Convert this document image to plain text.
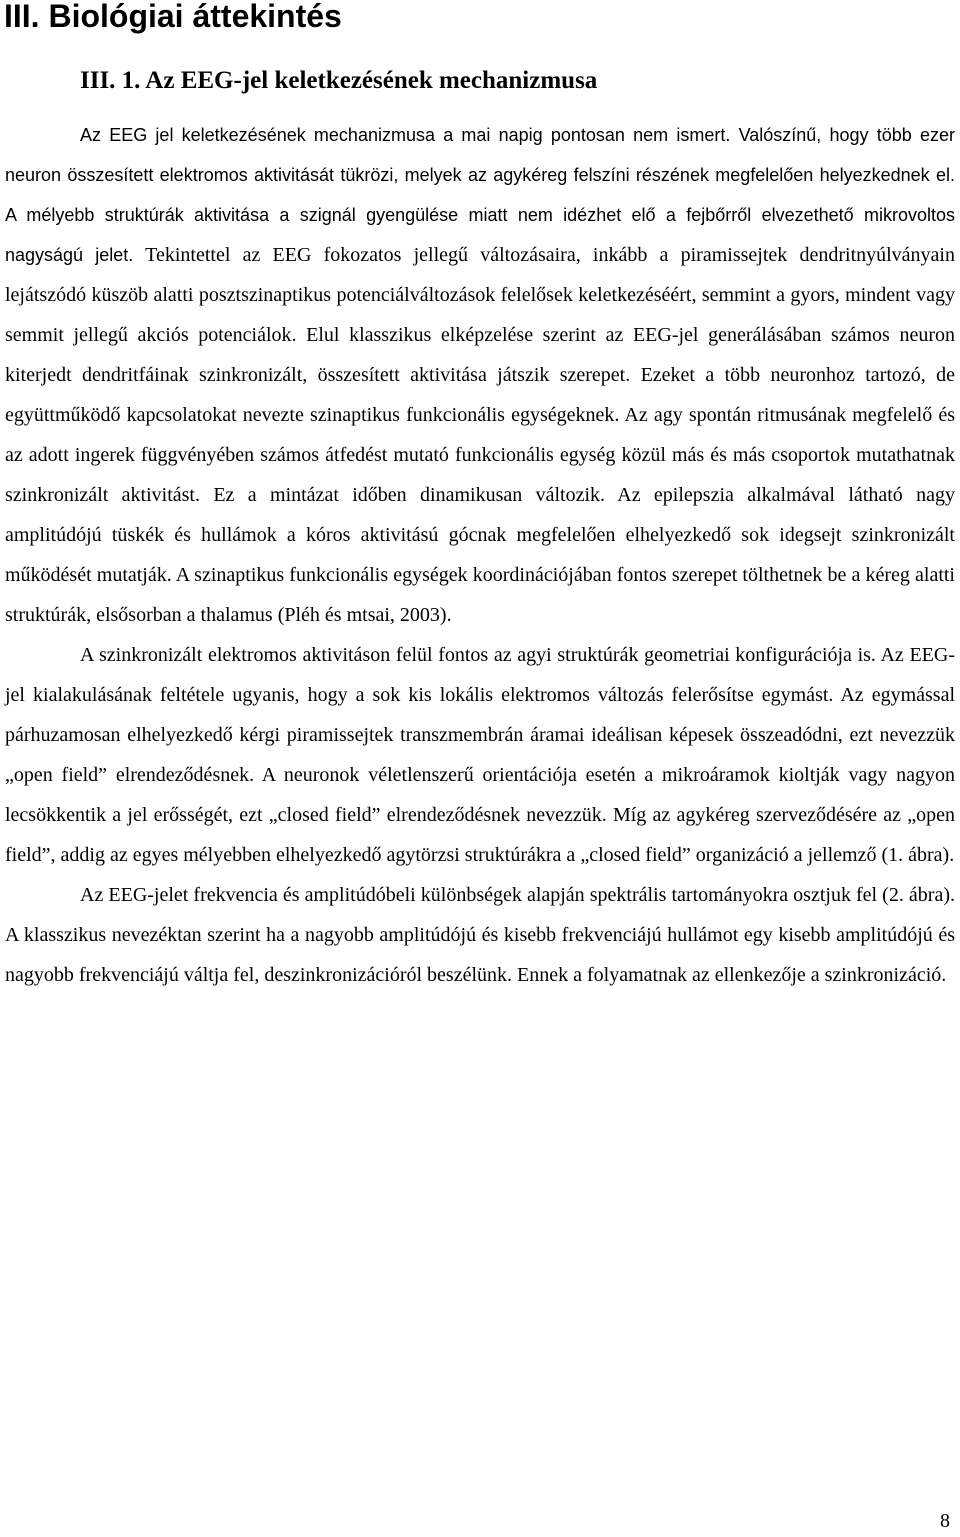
III. Biológiai áttekintés
III. 1. Az EEG-jel keletkezésének mechanizmusa

Az EEG jel keletkezésének mechanizmusa a mai napig pontosan nem ismert. Valószínű, hogy több ezer neuron összesített elektromos aktivitását tükrözi, melyek az agykéreg felszíni részének megfelelően helyezkednek el. A mélyebb struktúrák aktivitása a szignál gyengülése miatt nem idézhet elő a fejbőrről elvezethető mikrovoltos nagyságú jelet. Tekintettel az EEG fokozatos jellegű változásaira, inkább a piramissejtek dendritnyúlványain lejátszódó küszöb alatti posztszinaptikus potenciálváltozások felelősek keletkezéséért, semmint a gyors, mindent vagy semmit jellegű akciós potenciálok. Elul klasszikus elképzelése szerint az EEG-jel generálásában számos neuron kiterjedt dendritfáinak szinkronizált, összesített aktivitása játszik szerepet. Ezeket a több neuronhoz tartozó, de együttműködő kapcsolatokat nevezte szinaptikus funkcionális egységeknek. Az agy spontán ritmusának megfelelő és az adott ingerek függvényében számos átfedést mutató funkcionális egység közül más és más csoportok mutathatnak szinkronizált aktivitást. Ez a mintázat időben dinamikusan változik. Az epilepszia alkalmával látható nagy amplitúdójú tüskék és hullámok a kóros aktivitású gócnak megfelelően elhelyezkedő sok idegsejt szinkronizált működését mutatják. A szinaptikus funkcionális egységek koordinációjában fontos szerepet tölthetnek be a kéreg alatti struktúrák, elsősorban a thalamus (Pléh és mtsai, 2003).

A szinkronizált elektromos aktivitáson felül fontos az agyi struktúrák geometriai konfigurációja is. Az EEG-jel kialakulásának feltétele ugyanis, hogy a sok kis lokális elektromos változás felerősítse egymást. Az egymással párhuzamosan elhelyezkedő kérgi piramissejtek transzmembrán áramai ideálisan képesek összeadódni, ezt nevezzük „open field” elrendeződésnek. A neuronok véletlenszerű orientációja esetén a mikroáramok kioltják vagy nagyon lecsökkentik a jel erősségét, ezt „closed field” elrendeződésnek nevezzük. Míg az agykéreg szerveződésére az „open field”, addig az egyes mélyebben elhelyezkedő agytörzsi struktúrákra a „closed field” organizáció a jellemző (1. ábra).

Az EEG-jelet frekvencia és amplitúdóbeli különbségek alapján spektrális tartományokra osztjuk fel (2. ábra). A klasszikus nevezéktan szerint ha a nagyobb amplitúdójú és kisebb frekvenciájú hullámot egy kisebb amplitúdójú és nagyobb frekvenciájú váltja fel, deszinkronizációról beszélünk. Ennek a folyamatnak az ellenkezője a szinkronizáció.

8
